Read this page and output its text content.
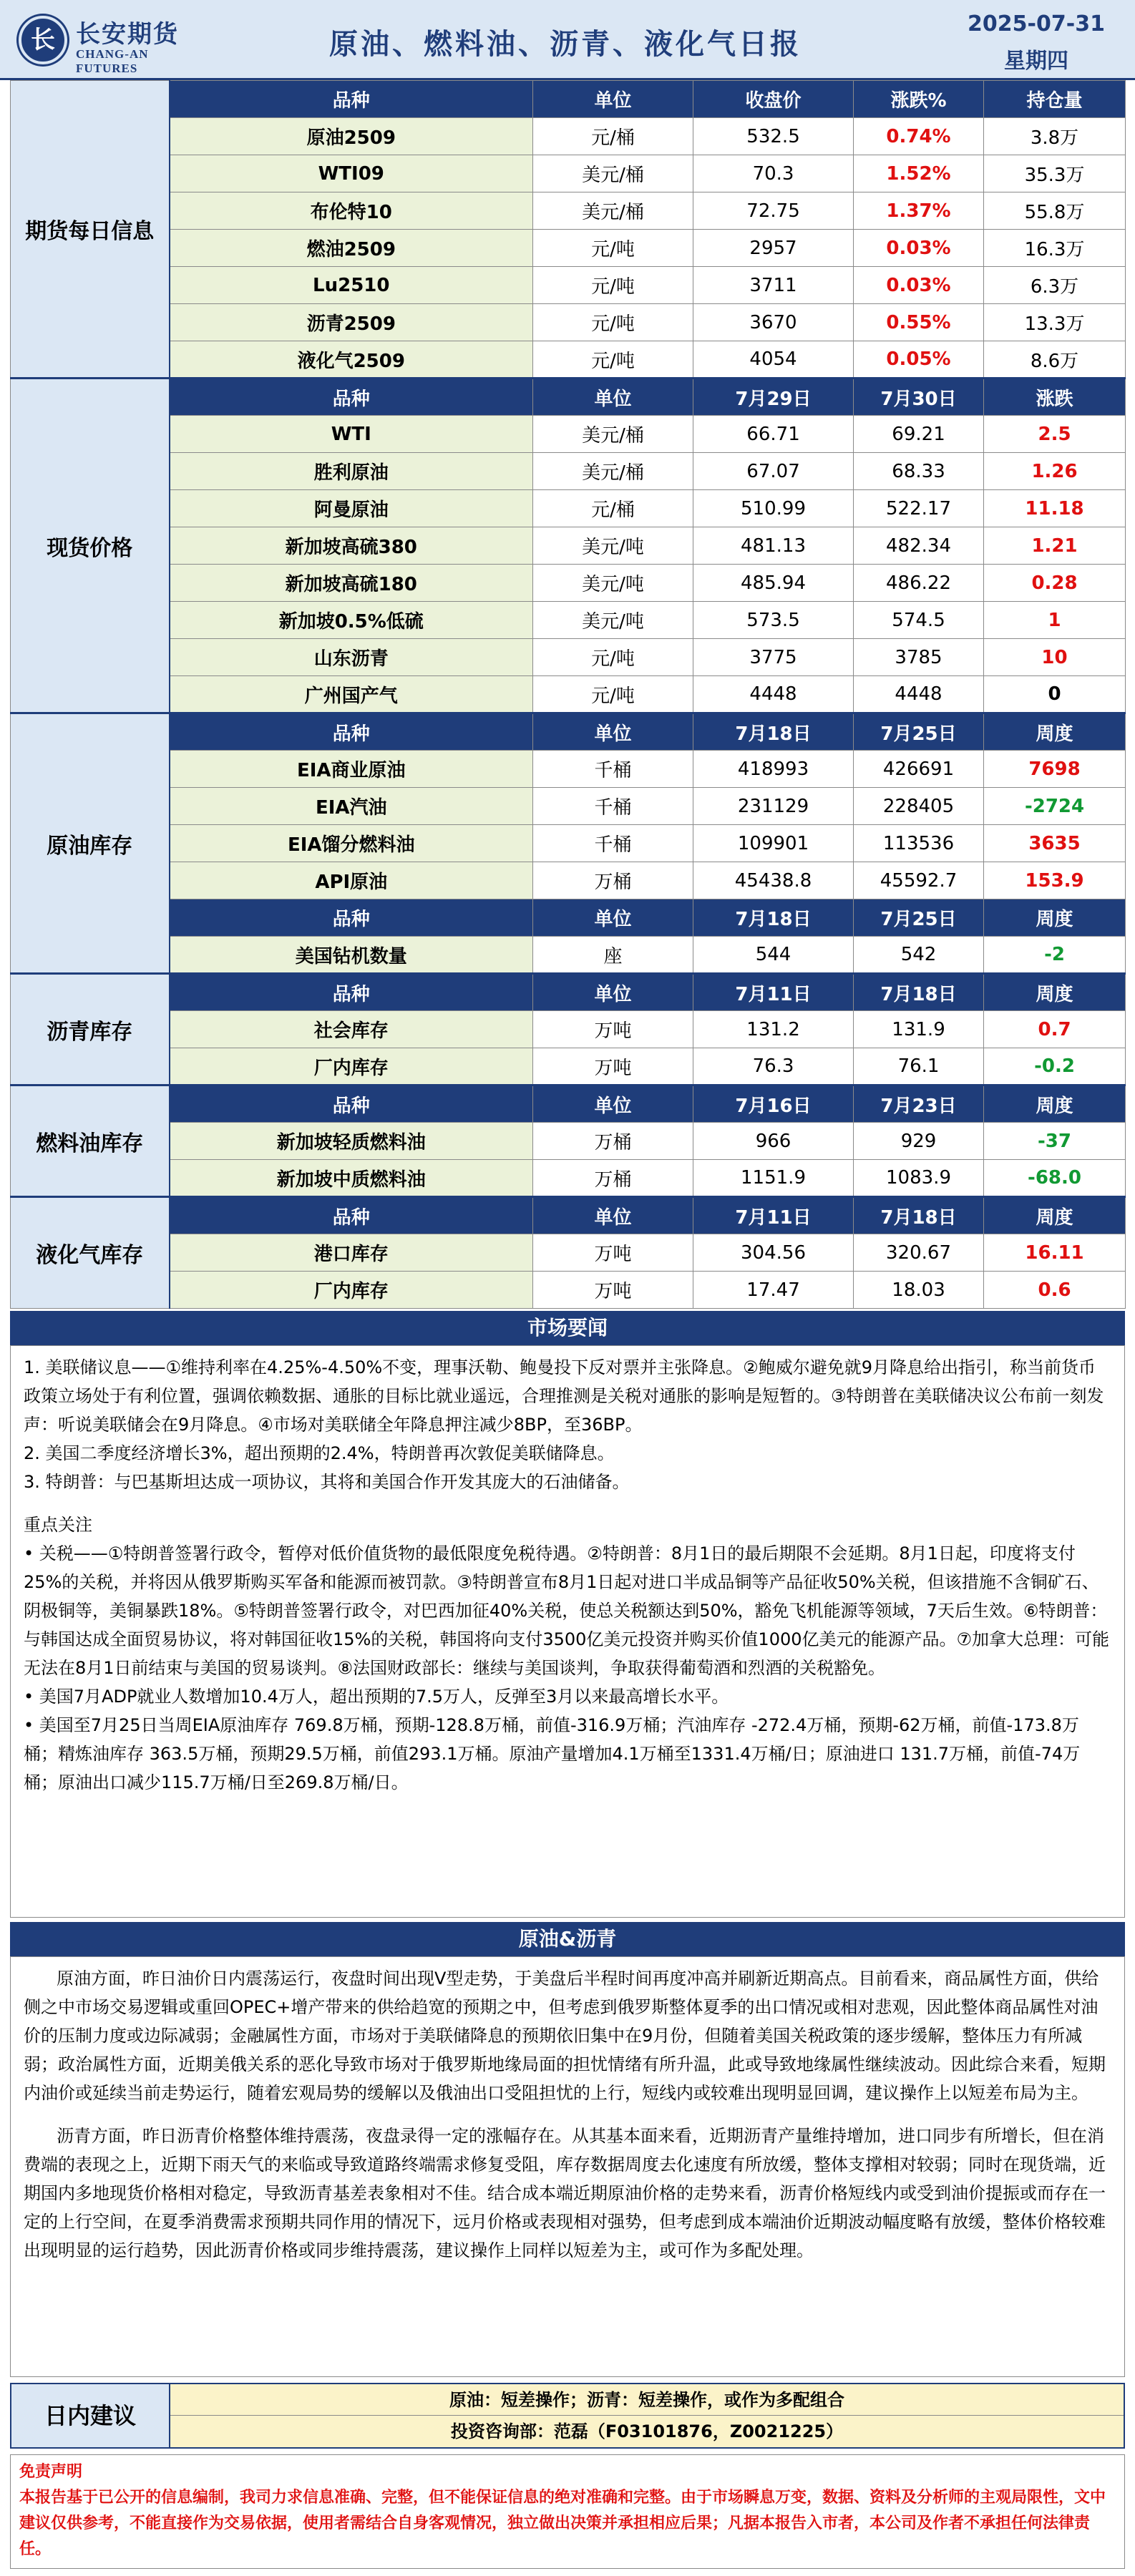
长 长安期货
CHANG-AN FUTURES
原油、燃料油、沥青、液化气日报
2025-07-31
星期四
期货每日信息	品种	单位	收盘价	涨跌%	持仓量	
	原油2509	元/桶	532.5	0.74%	3.8万	
	WTI09	美元/桶	70.3	1.52%	35.3万	
	布伦特10	美元/桶	72.75	1.37%	55.8万	
	燃油2509	元/吨	2957	0.03%	16.3万	
	Lu2510	元/吨	3711	0.03%	6.3万	
	沥青2509	元/吨	3670	0.55%	13.3万	
	液化气2509	元/吨	4054	0.05%	8.6万	
现货价格	品种	单位	7月29日	7月30日	涨跌	
	WTI	美元/桶	66.71	69.21	2.5	
	胜利原油	美元/桶	67.07	68.33	1.26	
	阿曼原油	元/桶	510.99	522.17	11.18	
	新加坡高硫380	美元/吨	481.13	482.34	1.21	
	新加坡高硫180	美元/吨	485.94	486.22	0.28	
	新加坡0.5%低硫	美元/吨	573.5	574.5	1	
	山东沥青	元/吨	3775	3785	10	
	广州国产气	元/吨	4448	4448	0	
原油库存	品种	单位	7月18日	7月25日	周度	
	EIA商业原油	千桶	418993	426691	7698	

	EIA汽油	千桶	231129	228405	-2724	

	EIA馏分燃料油	千桶	109901	113536	3635	

	API原油	万桶	45438.8	45592.7	153.9	

	品种	单位	7月18日	7月25日	周度	
	美国钻机数量	座	544	542	-2	

沥青库存	品种	单位	7月11日	7月18日	周度	
	社会库存	万吨	131.2	131.9	0.7	

	厂内库存	万吨	76.3	76.1	-0.2	

燃料油库存	品种	单位	7月16日	7月23日	周度	
	新加坡轻质燃料油	万桶	966	929	-37	

	新加坡中质燃料油	万桶	1151.9	1083.9	-68.0	

液化气库存	品种	单位	7月11日	7月18日	周度	
	港口库存	万吨	304.56	320.67	16.11	

	厂内库存	万吨	17.47	18.03	0.6	
市场要闻

1. 美联储议息——①维持利率在4.25%-4.50%不变，理事沃勒、鲍曼投下反对票并主张降息。②鲍威尔避免就9月降息给出指引，称当前货币政策立场处于有利位置，强调依赖数据、通胀的目标比就业遥远，合理推测是关税对通胀的影响是短暂的。③特朗普在美联储决议公布前一刻发声：听说美联储会在9月降息。④市场对美联储全年降息押注减少8BP，至36BP。

2. 美国二季度经济增长3%，超出预期的2.4%，特朗普再次敦促美联储降息。

3. 特朗普：与巴基斯坦达成一项协议，其将和美国合作开发其庞大的石油储备。

重点关注

• 关税——①特朗普签署行政令，暂停对低价值货物的最低限度免税待遇。②特朗普：8月1日的最后期限不会延期。8月1日起，印度将支付25%的关税，并将因从俄罗斯购买军备和能源而被罚款。③特朗普宣布8月1日起对进口半成品铜等产品征收50%关税，但该措施不含铜矿石、阴极铜等，美铜暴跌18%。⑤特朗普签署行政令，对巴西加征40%关税，使总关税额达到50%，豁免飞机能源等领域，7天后生效。⑥特朗普：与韩国达成全面贸易协议，将对韩国征收15%的关税，韩国将向支付3500亿美元投资并购买价值1000亿美元的能源产品。⑦加拿大总理：可能无法在8月1日前结束与美国的贸易谈判。⑧法国财政部长：继续与美国谈判，争取获得葡萄酒和烈酒的关税豁免。

• 美国7月ADP就业人数增加10.4万人，超出预期的7.5万人，反弹至3月以来最高增长水平。

• 美国至7月25日当周EIA原油库存 769.8万桶，预期-128.8万桶，前值-316.9万桶；汽油库存 -272.4万桶，预期-62万桶，前值-173.8万桶；精炼油库存 363.5万桶，预期29.5万桶，前值293.1万桶。原油产量增加4.1万桶至1331.4万桶/日；原油进口 131.7万桶，前值-74万桶；原油出口减少115.7万桶/日至269.8万桶/日。

原油&沥青

原油方面，昨日油价日内震荡运行，夜盘时间出现V型走势，于美盘后半程时间再度冲高并刷新近期高点。目前看来，商品属性方面，供给侧之中市场交易逻辑或重回OPEC+增产带来的供给趋宽的预期之中，但考虑到俄罗斯整体夏季的出口情况或相对悲观，因此整体商品属性对油价的压制力度或边际减弱；金融属性方面，市场对于美联储降息的预期依旧集中在9月份，但随着美国关税政策的逐步缓解，整体压力有所减弱；政治属性方面，近期美俄关系的恶化导致市场对于俄罗斯地缘局面的担忧情绪有所升温，此或导致地缘属性继续波动。因此综合来看，短期内油价或延续当前走势运行，随着宏观局势的缓解以及俄油出口受阻担忧的上行，短线内或较难出现明显回调，建议操作上以短差布局为主。

沥青方面，昨日沥青价格整体维持震荡，夜盘录得一定的涨幅存在。从其基本面来看，近期沥青产量维持增加，进口同步有所增长，但在消费端的表现之上，近期下雨天气的来临或导致道路终端需求修复受阻，库存数据周度去化速度有所放缓，整体支撑相对较弱；同时在现货端，近期国内多地现货价格相对稳定，导致沥青基差表象相对不佳。结合成本端近期原油价格的走势来看，沥青价格短线内或受到油价提振或而存在一定的上行空间，在夏季消费需求预期共同作用的情况下，远月价格或表现相对强势，但考虑到成本端油价近期波动幅度略有放缓，整体价格较难出现明显的运行趋势，因此沥青价格或同步维持震荡，建议操作上同样以短差为主，或可作为多配处理。

日内建议
原油：短差操作；沥青：短差操作，或作为多配组合
投资咨询部：范磊（F03101876，Z0021225）
免责声明
本报告基于已公开的信息编制，我司力求信息准确、完整，但不能保证信息的绝对准确和完整。由于市场瞬息万变，数据、资料及分析师的主观局限性，文中建议仅供参考，不能直接作为交易依据，使用者需结合自身客观情况，独立做出决策并承担相应后果；凡据本报告入市者，本公司及作者不承担任何法律责任。
